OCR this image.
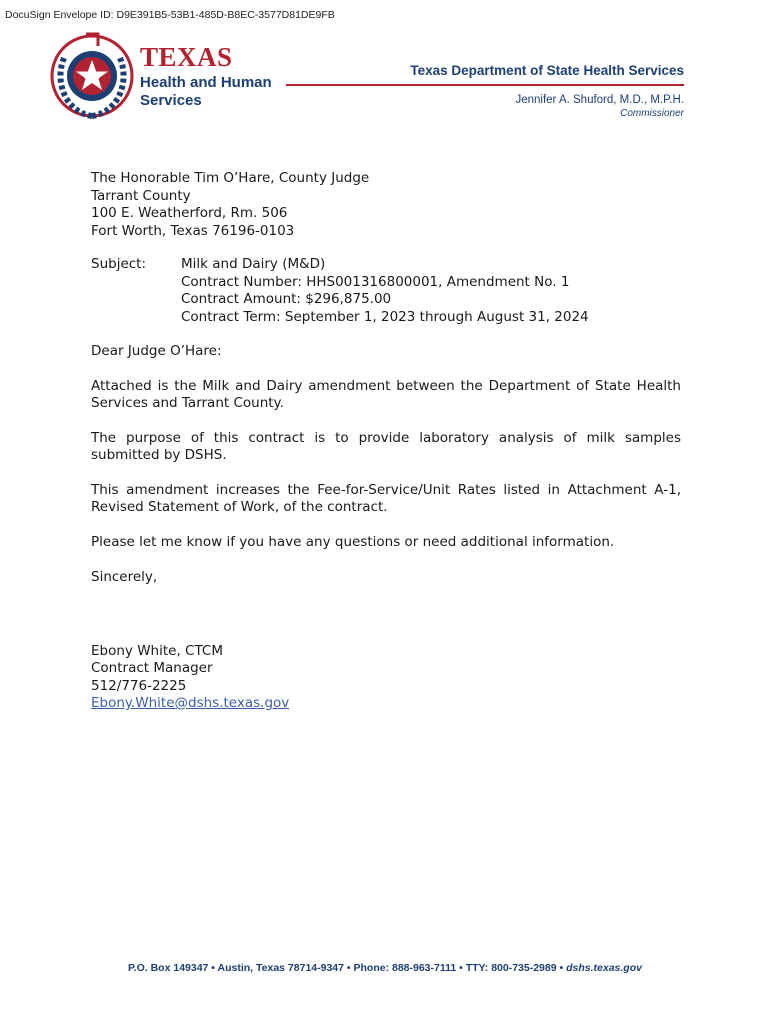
DocuSign Envelope ID: D9E391B5-53B1-485D-B8EC-3577D81DE9FB
TEXAS
Health and Human
Services
Texas Department of State Health Services
Jennifer A. Shuford, M.D., M.P.H.
Commissioner

The Honorable Tim O’Hare, County Judge

Tarrant County

100 E. Weatherford, Rm. 506

Fort Worth, Texas 76196-0103

Subject:	Milk and Dairy (M&D)

Contract Number: HHS001316800001, Amendment No. 1

Contract Amount: $296,875.00

Contract Term: September 1, 2023 through August 31, 2024

Dear Judge O’Hare:

Attached is the Milk and Dairy amendment between the Department of State Health Services and Tarrant County.

The purpose of this contract is to provide laboratory analysis of milk samples submitted by DSHS.

This amendment increases the Fee-for-Service/Unit Rates listed in Attachment A-1, Revised Statement of Work, of the contract.

Please let me know if you have any questions or need additional information.

Sincerely,

Ebony White, CTCM

Contract Manager

512/776-2225

Ebony.White@dshs.texas.gov

P.O. Box 149347 • Austin, Texas 78714-9347 • Phone: 888-963-7111 • TTY: 800-735-2989 • dshs.texas.gov
